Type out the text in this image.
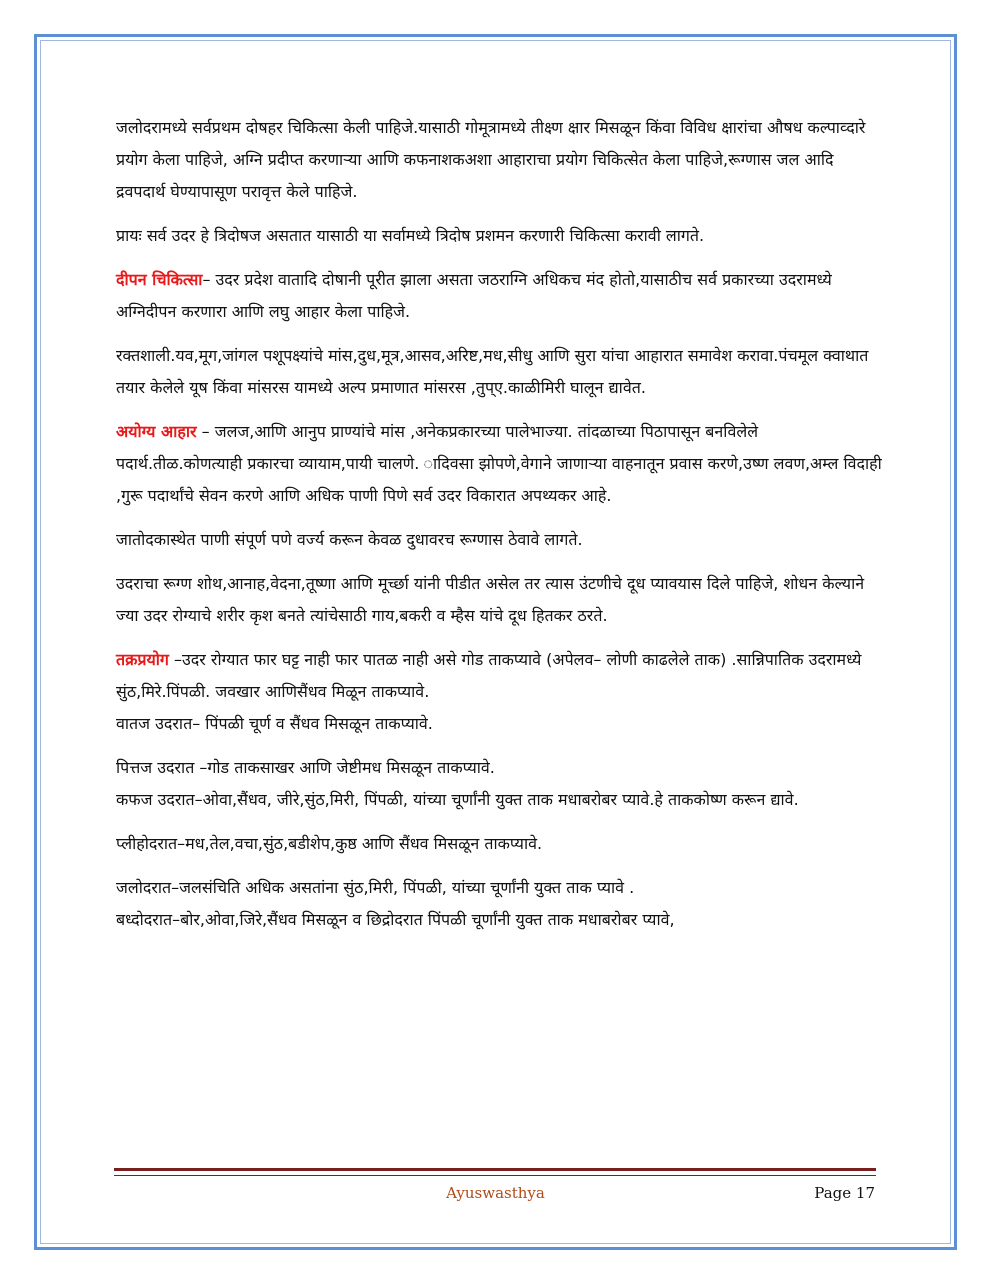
जलोदरामध्ये सर्वप्रथम दोषहर चिकित्सा केली पाहिजे.यासाठी गोमूत्रामध्ये तीक्ष्ण क्षार मिसळून किंवा विविध क्षारांचा औषध कल्पाव्दारे प्रयोग केला पाहिजे, अग्नि प्रदीप्त करणाऱ्या आणि कफनाशकअशा आहाराचा प्रयोग चिकित्सेत केला पाहिजे,रूग्णास जल आदि द्रवपदार्थ घेण्यापासूण परावृत्त केले पाहिजे.

प्रायः सर्व उदर हे त्रिदोषज असतात यासाठी या सर्वामध्ये त्रिदोष प्रशमन करणारी चिकित्सा करावी लागते.

दीपन चिकित्सा– उदर प्रदेश वातादि दोषानी पूरीत झाला असता जठराग्नि अधिकच मंद होतो,यासाठीच सर्व प्रकारच्या उदरामध्ये अग्निदीपन करणारा आणि लघु आहार केला पाहिजे.

रक्तशाली.यव,मूग,जांगल पशूपक्ष्यांचे मांस,दुध,मूत्र,आसव,अरिष्ट,मध,सीधु आणि सुरा यांचा आहारात समावेश करावा.पंचमूल क्वाथात तयार केलेले यूष किंवा मांसरस यामध्ये अल्प प्रमाणात मांसरस ,तुप्ए.काळीमिरी घालून द्यावेत.

अयोग्य आहार – जलज,आणि आनुप प्राण्यांचे मांस ,अनेकप्रकारच्या पालेभाज्या. तांदळाच्या पिठापासून बनविलेले पदार्थ.तीळ.कोणत्याही प्रकारचा व्यायाम,पायी चालणे. ादिवसा झोपणे,वेगाने जाणाऱ्या वाहनातून प्रवास करणे,उष्ण लवण,अम्ल विदाही ,गुरू पदार्थांचे सेवन करणे आणि अधिक पाणी पिणे सर्व उदर विकारात अपथ्यकर आहे.

जातोदकास्थेत पाणी संपूर्ण पणे वर्ज्य करून केवळ दुधावरच रूग्णास ठेवावे लागते.

उदराचा रूग्ण शोथ,आनाह,वेदना,तूष्णा आणि मूर्च्छा यांनी पीडीत असेल तर त्यास उंटणीचे दूध प्यावयास दिले पाहिजे, शोधन केल्याने ज्या उदर रोग्याचे शरीर कृश बनते त्यांचेसाठी गाय,बकरी व म्हैस यांचे दूध हितकर ठरते.

तक्रप्रयोग –उदर रोग्यात फार घट्ट नाही फार पातळ नाही असे गोड ताकप्यावे (अपेलव– लोणी काढलेले ताक) .सान्निपातिक उदरामध्ये सुंठ,मिरे.पिंपळी. जवखार आणिसैंधव मिळून ताकप्यावे.

वातज उदरात– पिंपळी चूर्ण व सैंधव मिसळून ताकप्यावे.

पित्तज उदरात –गोड ताकसाखर आणि जेष्टीमध मिसळून ताकप्यावे.

कफज उदरात–ओवा,सैंधव, जीरे,सुंठ,मिरी, पिंपळी, यांच्या चूर्णांनी युक्त ताक मधाबरोबर प्यावे.हे ताककोष्ण करून द्यावे.

प्लीहोदरात–मध,तेल,वचा,सुंठ,बडीशेप,कुष्ठ आणि सैंधव मिसळून ताकप्यावे.

जलोदरात–जलसंचिति अधिक असतांना सुंठ,मिरी, पिंपळी, यांच्या चूर्णांनी युक्त ताक प्यावे .

बध्दोदरात–बोर,ओवा,जिरे,सैंधव मिसळून व छिद्रोदरात पिंपळी चूर्णांनी युक्त ताक मधाबरोबर प्यावे,

Ayuswasthya	Page 17
